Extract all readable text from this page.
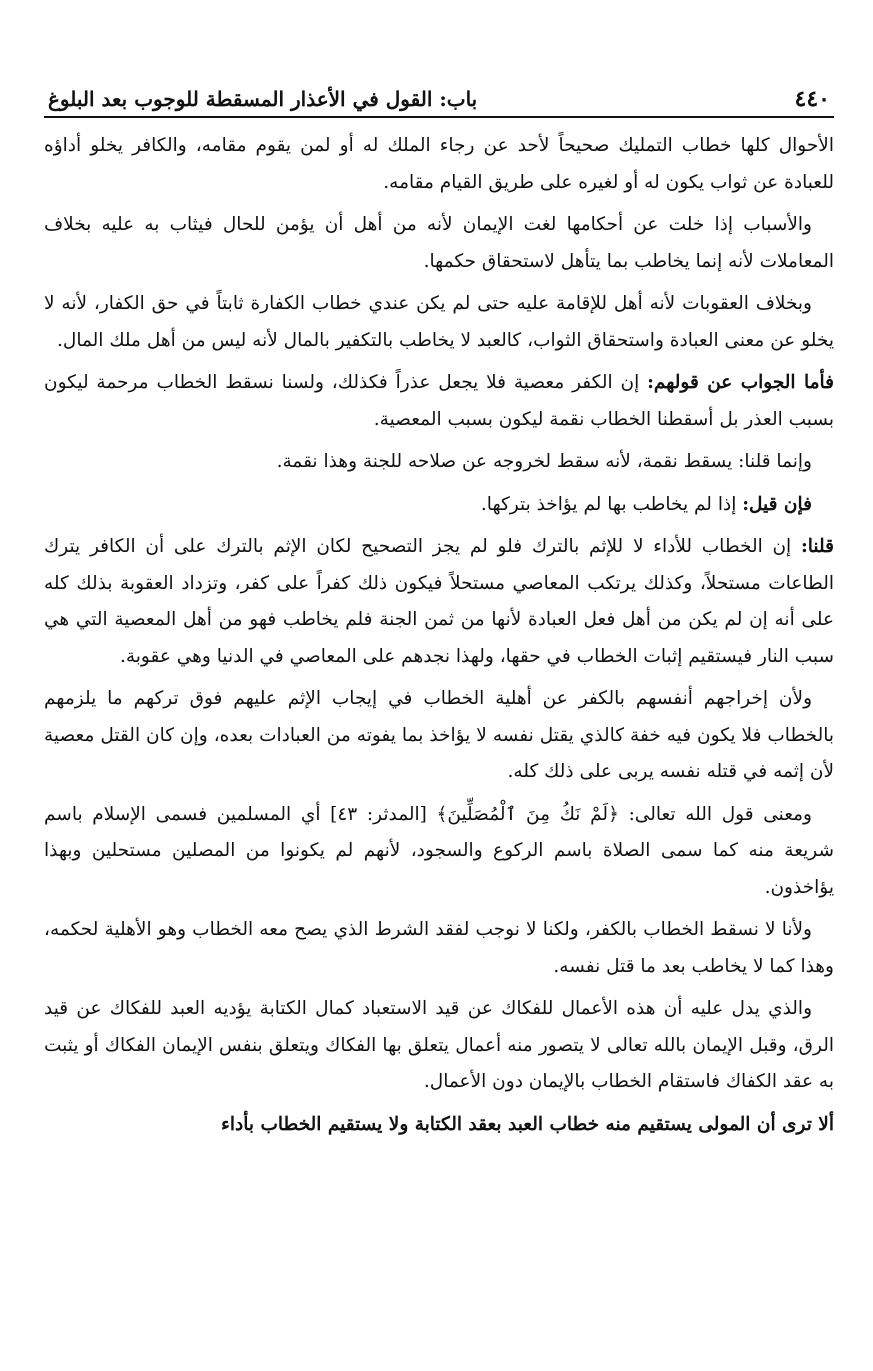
٤٤٠
باب: القول في الأعذار المسقطة للوجوب بعد البلوغ

الأحوال كلها خطاب التمليك صحيحاً لأحد عن رجاء الملك له أو لمن يقوم مقامه، والكافر يخلو أداؤه للعبادة عن ثواب يكون له أو لغيره على طريق القيام مقامه.

والأسباب إذا خلت عن أحكامها لغت الإيمان لأنه من أهل أن يؤمن للحال فيثاب به عليه بخلاف المعاملات لأنه إنما يخاطب بما يتأهل لاستحقاق حكمها.

وبخلاف العقوبات لأنه أهل للإقامة عليه حتى لم يكن عندي خطاب الكفارة ثابتاً في حق الكفار، لأنه لا يخلو عن معنى العبادة واستحقاق الثواب، كالعبد لا يخاطب بالتكفير بالمال لأنه ليس من أهل ملك المال.

فأما الجواب عن قولهم: إن الكفر معصية فلا يجعل عذراً فكذلك، ولسنا نسقط الخطاب مرحمة ليكون بسبب العذر بل أسقطنا الخطاب نقمة ليكون بسبب المعصية.

وإنما قلنا: يسقط نقمة، لأنه سقط لخروجه عن صلاحه للجنة وهذا نقمة.

فإن قيل: إذا لم يخاطب بها لم يؤاخذ بتركها.

قلنا: إن الخطاب للأداء لا للإثم بالترك فلو لم يجز التصحيح لكان الإثم بالترك على أن الكافر يترك الطاعات مستحلاً، وكذلك يرتكب المعاصي مستحلاً فيكون ذلك كفراً على كفر، وتزداد العقوبة بذلك كله على أنه إن لم يكن من أهل فعل العبادة لأنها من ثمن الجنة فلم يخاطب فهو من أهل المعصية التي هي سبب النار فيستقيم إثبات الخطاب في حقها، ولهذا نجدهم على المعاصي في الدنيا وهي عقوبة.

ولأن إخراجهم أنفسهم بالكفر عن أهلية الخطاب في إيجاب الإثم عليهم فوق تركهم ما يلزمهم بالخطاب فلا يكون فيه خفة كالذي يقتل نفسه لا يؤاخذ بما يفوته من العبادات بعده، وإن كان القتل معصية لأن إثمه في قتله نفسه يربى على ذلك كله.

ومعنى قول الله تعالى: ﴿لَمْ نَكُ مِنَ ٱلْمُصَلِّينَ﴾ [المدثر: ٤٣] أي المسلمين فسمى الإسلام باسم شريعة منه كما سمى الصلاة باسم الركوع والسجود، لأنهم لم يكونوا من المصلين مستحلين وبهذا يؤاخذون.

ولأنا لا نسقط الخطاب بالكفر، ولكنا لا نوجب لفقد الشرط الذي يصح معه الخطاب وهو الأهلية لحكمه، وهذا كما لا يخاطب بعد ما قتل نفسه.

والذي يدل عليه أن هذه الأعمال للفكاك عن قيد الاستعباد كمال الكتابة يؤديه العبد للفكاك عن قيد الرق، وقبل الإيمان بالله تعالى لا يتصور منه أعمال يتعلق بها الفكاك ويتعلق بنفس الإيمان الفكاك أو يثبت به عقد الكفاك فاستقام الخطاب بالإيمان دون الأعمال.

ألا ترى أن المولى يستقيم منه خطاب العبد بعقد الكتابة ولا يستقيم الخطاب بأداء
